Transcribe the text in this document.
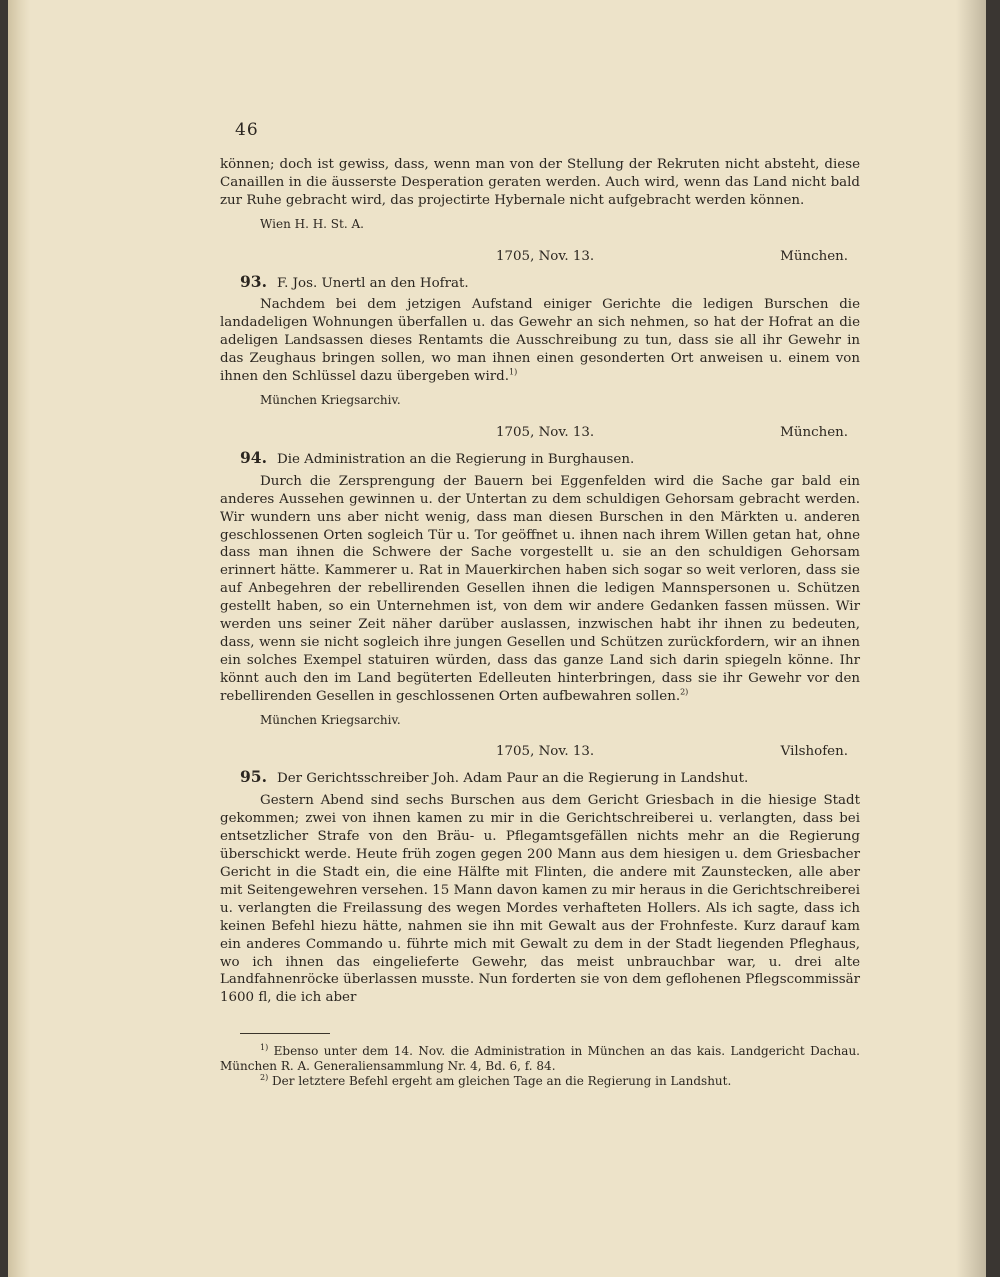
46

können; doch ist gewiss, dass, wenn man von der Stellung der Rekruten nicht absteht, diese Canaillen in die äusserste Desperation geraten werden. Auch wird, wenn das Land nicht bald zur Ruhe gebracht wird, das projectirte Hybernale nicht aufgebracht werden können.

Wien H. H. St. A.
1705, Nov. 13.	München.
93. F. Jos. Unertl an den Hofrat.

Nachdem bei dem jetzigen Aufstand einiger Gerichte die ledigen Burschen die landadeligen Wohnungen überfallen u. das Gewehr an sich nehmen, so hat der Hofrat an die adeligen Landsassen dieses Rentamts die Ausschreibung zu tun, dass sie all ihr Gewehr in das Zeughaus bringen sollen, wo man ihnen einen gesonderten Ort anweisen u. einem von ihnen den Schlüssel dazu übergeben wird.$^{1)}$

München Kriegsarchiv.
1705, Nov. 13.	München.
94. Die Administration an die Regierung in Burghausen.

Durch die Zersprengung der Bauern bei Eggenfelden wird die Sache gar bald ein anderes Aussehen gewinnen u. der Untertan zu dem schuldigen Gehorsam gebracht werden. Wir wundern uns aber nicht wenig, dass man diesen Burschen in den Märkten u. anderen geschlossenen Orten sogleich Tür u. Tor geöffnet u. ihnen nach ihrem Willen getan hat, ohne dass man ihnen die Schwere der Sache vorgestellt u. sie an den schuldigen Gehorsam erinnert hätte. Kammerer u. Rat in Mauerkirchen haben sich sogar so weit verloren, dass sie auf Anbegehren der rebellirenden Gesellen ihnen die ledigen Mannspersonen u. Schützen gestellt haben, so ein Unternehmen ist, von dem wir andere Gedanken fassen müssen. Wir werden uns seiner Zeit näher darüber auslassen, inzwischen habt ihr ihnen zu bedeuten, dass, wenn sie nicht sogleich ihre jungen Gesellen und Schützen zurückfordern, wir an ihnen ein solches Exempel statuiren würden, dass das ganze Land sich darin spiegeln könne. Ihr könnt auch den im Land begüterten Edelleuten hinterbringen, dass sie ihr Gewehr vor den rebellirenden Gesellen in geschlossenen Orten aufbewahren sollen.$^{2)}$

München Kriegsarchiv.
1705, Nov. 13.	Vilshofen.
95. Der Gerichtsschreiber Joh. Adam Paur an die Regierung in Landshut.

Gestern Abend sind sechs Burschen aus dem Gericht Griesbach in die hiesige Stadt gekommen; zwei von ihnen kamen zu mir in die Gerichtschreiberei u. verlangten, dass bei entsetzlicher Strafe von den Bräu- u. Pflegamtsgefällen nichts mehr an die Regierung überschickt werde. Heute früh zogen gegen 200 Mann aus dem hiesigen u. dem Griesbacher Gericht in die Stadt ein, die eine Hälfte mit Flinten, die andere mit Zaunstecken, alle aber mit Seitengewehren versehen. 15 Mann davon kamen zu mir heraus in die Gerichtschreiberei u. verlangten die Freilassung des wegen Mordes verhafteten Hollers. Als ich sagte, dass ich keinen Befehl hiezu hätte, nahmen sie ihn mit Gewalt aus der Frohnfeste. Kurz darauf kam ein anderes Commando u. führte mich mit Gewalt zu dem in der Stadt liegenden Pfleghaus, wo ich ihnen das eingelieferte Gewehr, das meist unbrauchbar war, u. drei alte Landfahnenröcke überlassen musste. Nun forderten sie von dem geflohenen Pflegscommissär 1600 fl, die ich aber

$^{1)}$ Ebenso unter dem 14. Nov. die Administration in München an das kais. Landgericht Dachau. München R. A. Generaliensammlung Nr. 4, Bd. 6, f. 84.

$^{2)}$ Der letztere Befehl ergeht am gleichen Tage an die Regierung in Landshut.
